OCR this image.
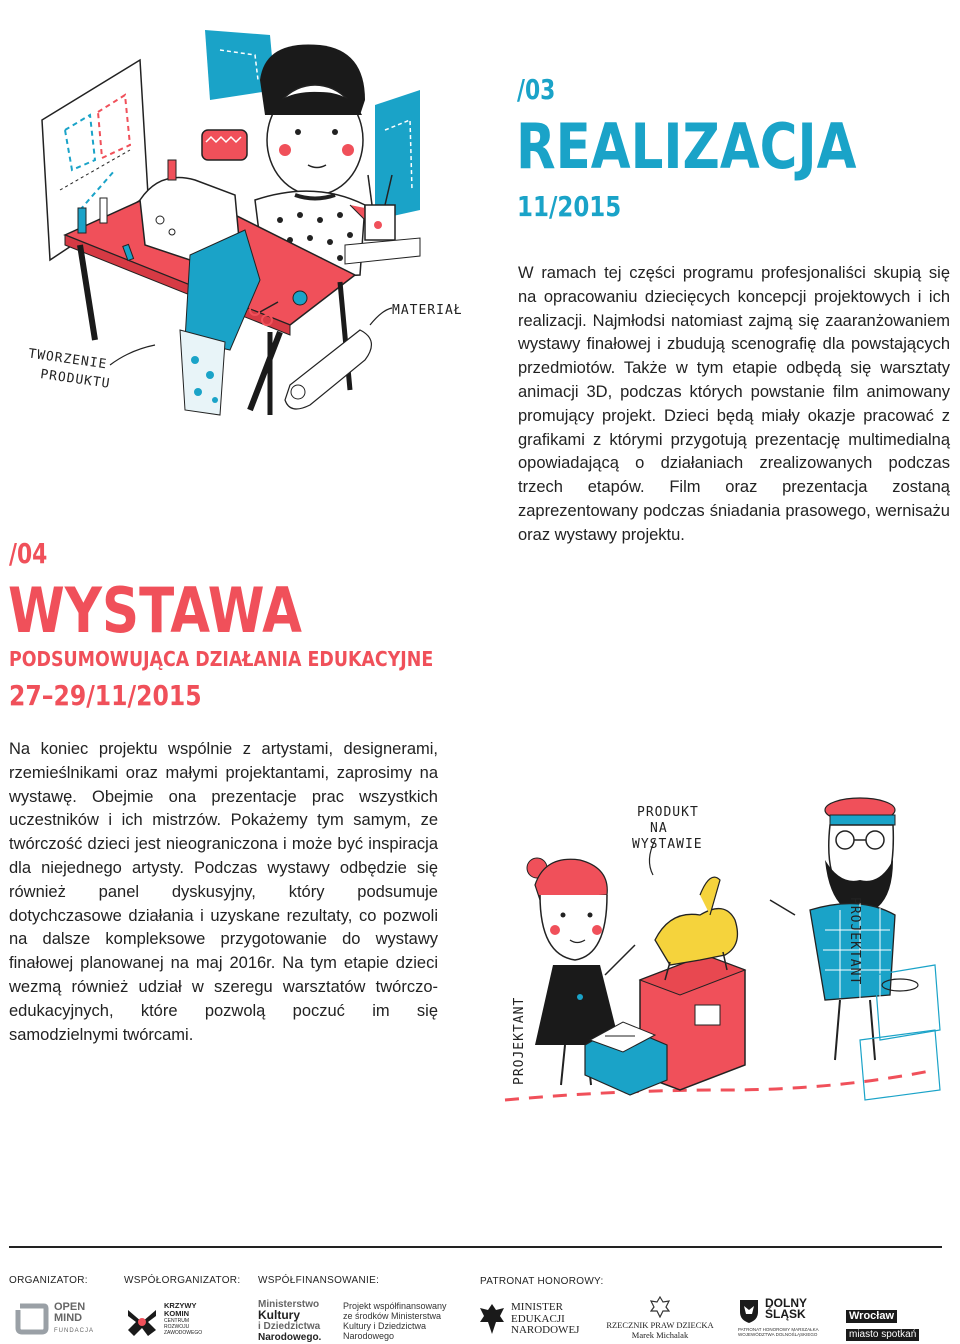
TWORZENIE
PRODUKTU
MATERIAŁ
/03
REALIZACJA
11/2015
W ramach tej części programu profesjonaliści skupią się na opracowaniu dziecięcych koncepcji projektowych i ich realizacji. Najmłodsi natomiast zajmą się zaaranżowaniem wystawy finałowej i zbudują scenografię dla powstających przedmiotów. Także w tym etapie odbędą się warsztaty animacji 3D, podczas których powstanie film animowany promujący projekt. Dzieci będą miały okazje pracować z grafikami z którymi przygotują prezentację multimedialną opowiadającą o działaniach zrealizowanych podczas trzech etapów. Film oraz prezentacja zostaną zaprezentowany podczas śniadania prasowego, wernisażu oraz wystawy projektu.
/04
WYSTAWA
PODSUMOWUJĄCA DZIAŁANIA EDUKACYJNE
27–29/11/2015
Na koniec projektu wspólnie z artystami, designerami, rzemieślnikami oraz małymi projektantami, zaprosimy na wystawę. Obejmie ona prezentacje prac wszystkich uczestników i ich mistrzów. Pokażemy tym samym, ze twórczość dzieci jest nieograniczona i może być inspiracja dla niejednego artysty. Podczas wystawy odbędzie się również panel dyskusyjny, który podsumuje dotychczasowe działania i uzyskane rezultaty, co pozwoli na dalsze kompleksowe przygotowanie do wystawy finałowej planowanej na maj 2016r. Na tym etapie dzieci wezmą również udział w szeregu warsztatów twórczo-edukacyjnych, które pozwolą poczuć im się samodzielnymi twórcami.
PRODUKT
NA
WYSTAWIE
PROJEKTANT
PROJEKTANT
ORGANIZATOR:	WSPÓŁORGANIZATOR: WSPÓŁFINANSOWANIE:	PATRONAT HONOROWY:
OPEN
MIND
FUNDACJA
KRZYWY
KOMIN
CENTRUM
ROZWOJU
ZAWODOWEGO
Ministerstwo
Kultury
i Dziedzictwa
Narodowego.
Projekt współfinansowany
ze środków Ministerstwa
Kultury i Dziedzictwa
Narodowego
MINISTER
EDUKACJI
NARODOWEJ	RZECZNIK PRAW DZIECKA
Marek Michalak
DOLNY
ŚLĄSK
PATRONAT HONOROWY MARSZAŁKA
WOJEWÓDZTWA DOLNOŚLĄSKIEGO
Wrocław miasto spotkań
